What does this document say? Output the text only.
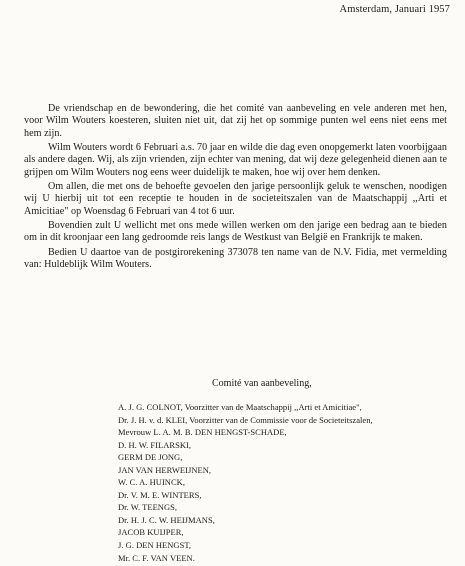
Amsterdam, Januari 1957

De vriendschap en de bewondering, die het comité van aanbeveling en vele anderen met hen, voor Wilm Wouters koesteren, sluiten niet uit, dat zij het op sommige punten wel eens niet eens met hem zijn.

Wilm Wouters wordt 6 Februari a.s. 70 jaar en wilde die dag even onopgemerkt laten voorbijgaan als andere dagen. Wij, als zijn vrienden, zijn echter van mening, dat wij deze gelegenheid dienen aan te grijpen om Wilm Wouters nog eens weer duidelijk te maken, hoe wij over hem denken.

Om allen, die met ons de behoefte gevoelen den jarige persoonlijk geluk te wenschen, noodigen wij U hierbij uit tot een receptie te houden in de societeitszalen van de Maatschappij ,,Arti et Amicitiae" op Woensdag 6 Februari van 4 tot 6 uur.

Bovendien zult U wellicht met ons mede willen werken om den jarige een bedrag aan te bieden om in dit kroonjaar een lang gedroomde reis langs de Westkust van België en Frankrijk te maken.

Bedien U daartoe van de postgirorekening 373078 ten name van de N.V. Fidia, met vermelding van: Huldeblijk Wilm Wouters.

Comité van aanbeveling,
A. J. G. COLNOT, Voorzitter van de Maatschappij ,,Arti et Amicitiae",
Dr. J. H. v. d. KLEI, Voorzitter van de Commissie voor de Societeitszalen,
Mevrouw L. A. M. B. DEN HENGST-SCHADE,
D. H. W. FILARSKI,
GERM DE JONG,
JAN VAN HERWEIJNEN,
W. C. A. HUINCK,
Dr. V. M. E. WINTERS,
Dr. W. TEENGS,
Dr. H. J. C. W. HEIJMANS,
JACOB KUIJPER,
J. G. DEN HENGST,
Mr. C. F. VAN VEEN.
